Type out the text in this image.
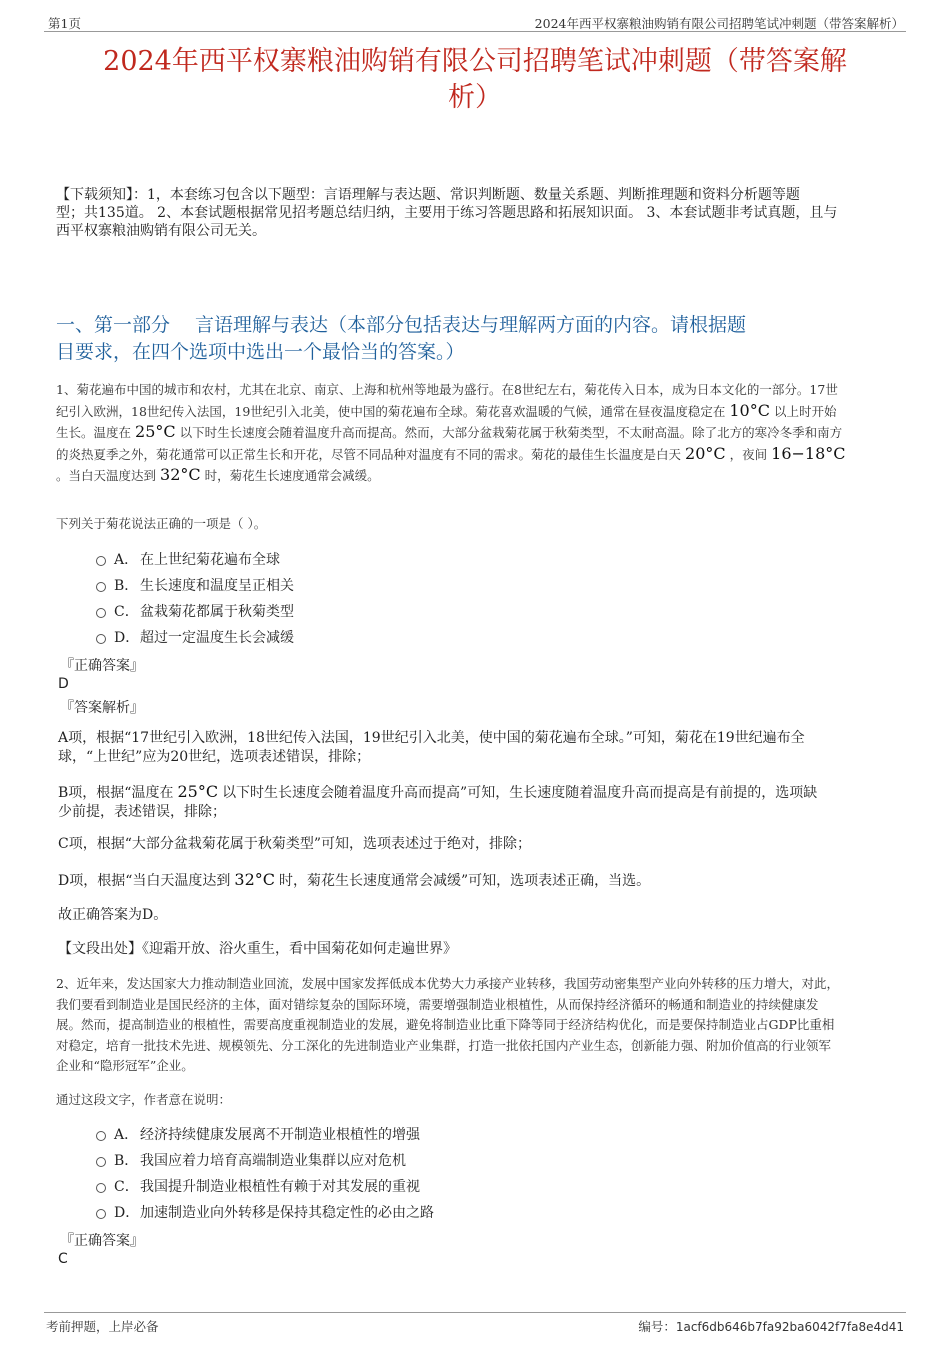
第1页	2024年西平权寨粮油购销有限公司招聘笔试冲刺题（带答案解析）
2024年西平权寨粮油购销有限公司招聘笔试冲刺题（带答案解
析）
【下载须知】：1，本套练习包含以下题型：言语理解与表达题、常识判断题、数量关系题、判断推理题和资料分析题等题
型；共135道。 2、本套试题根据常见招考题总结归纳，主要用于练习答题思路和拓展知识面。 3、本套试题非考试真题，且与
西平权寨粮油购销有限公司无关。
一、第一部分　 言语理解与表达（本部分包括表达与理解两方面的内容。请根据题
目要求，在四个选项中选出一个最恰当的答案。）
1、菊花遍布中国的城市和农村，尤其在北京、南京、上海和杭州等地最为盛行。在8世纪左右，菊花传入日本，成为日本文化的一部分。17世
纪引入欧洲，18世纪传入法国，19世纪引入北美，使中国的菊花遍布全球。菊花喜欢温暖的气候，通常在昼夜温度稳定在 10°C 以上时开始
生长。温度在 25°C 以下时生长速度会随着温度升高而提高。然而，大部分盆栽菊花属于秋菊类型，不太耐高温。除了北方的寒冷冬季和南方
的炎热夏季之外，菊花通常可以正常生长和开花，尽管不同品种对温度有不同的需求。菊花的最佳生长温度是白天 20°C ，夜间 16−18°C
。当白天温度达到 32°C 时，菊花生长速度通常会减缓。
下列关于菊花说法正确的一项是（ ）。
A． 在上世纪菊花遍布全球
B． 生长速度和温度呈正相关
C． 盆栽菊花都属于秋菊类型
D． 超过一定温度生长会减缓
『正确答案』
D
『答案解析』
A项，根据“17世纪引入欧洲，18世纪传入法国，19世纪引入北美，使中国的菊花遍布全球。”可知，菊花在19世纪遍布全
球，“上世纪”应为20世纪，选项表述错误，排除；
B项，根据“温度在 25°C 以下时生长速度会随着温度升高而提高”可知，生长速度随着温度升高而提高是有前提的，选项缺
少前提，表述错误，排除；
C项，根据“大部分盆栽菊花属于秋菊类型”可知，选项表述过于绝对，排除；
D项，根据“当白天温度达到 32°C 时，菊花生长速度通常会减缓”可知，选项表述正确，当选。
故正确答案为D。
【文段出处】《迎霜开放、浴火重生，看中国菊花如何走遍世界》
2、近年来，发达国家大力推动制造业回流，发展中国家发挥低成本优势大力承接产业转移，我国劳动密集型产业向外转移的压力增大，对此，
我们要看到制造业是国民经济的主体，面对错综复杂的国际环境，需要增强制造业根植性，从而保持经济循环的畅通和制造业的持续健康发
展。然而，提高制造业的根植性，需要高度重视制造业的发展，避免将制造业比重下降等同于经济结构优化，而是要保持制造业占GDP比重相
对稳定，培育一批技术先进、规模领先、分工深化的先进制造业产业集群，打造一批依托国内产业生态，创新能力强、附加价值高的行业领军
企业和“隐形冠军”企业。
通过这段文字，作者意在说明：
A． 经济持续健康发展离不开制造业根植性的增强
B． 我国应着力培育高端制造业集群以应对危机
C． 我国提升制造业根植性有赖于对其发展的重视
D． 加速制造业向外转移是保持其稳定性的必由之路
『正确答案』
C
考前押题，上岸必备	编号：1acf6db646b7fa92ba6042f7fa8e4d41
